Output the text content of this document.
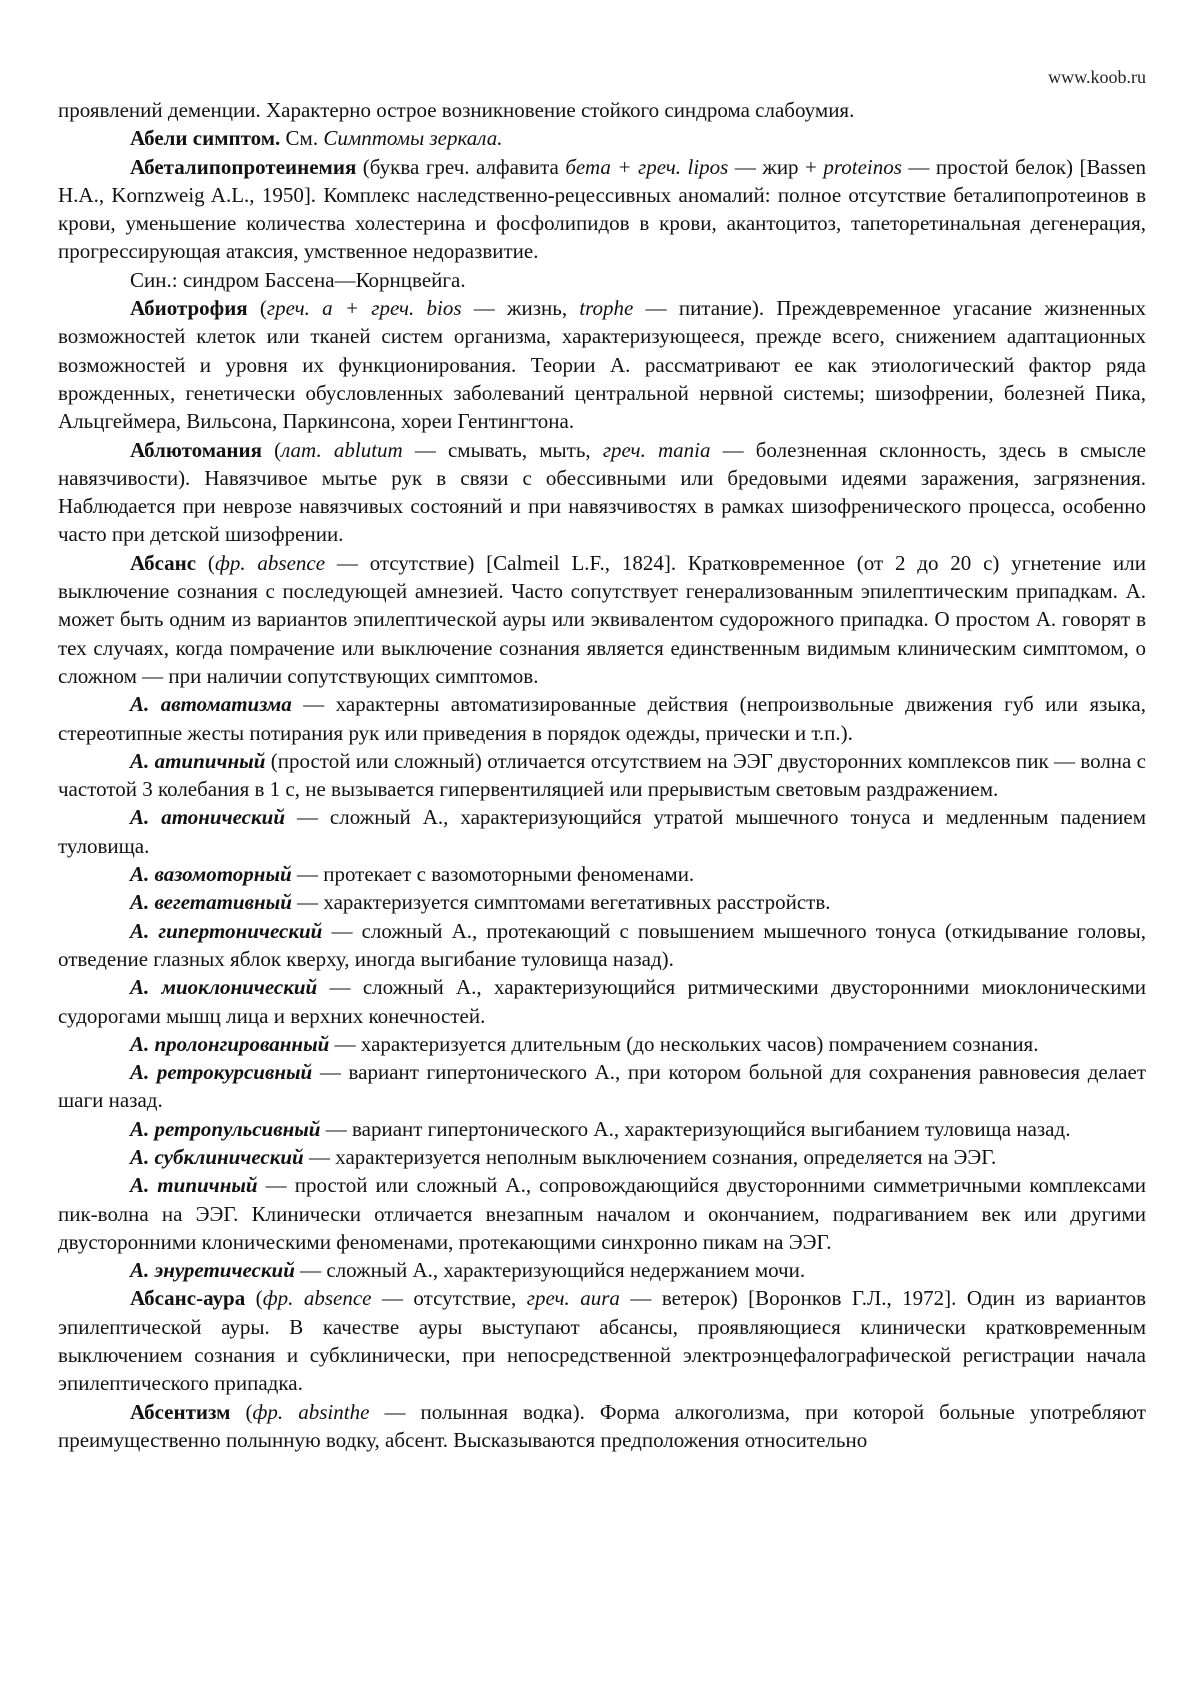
www.koob.ru

проявлений деменции. Характерно острое возникновение стойкого синдрома слабоумия.

Абели симптом. См. Симптомы зеркала.

Абеталипопротеинемия (буква греч. алфавита бета + греч. lipos — жир + proteinos — простой белок) [Bassen H.A., Kornzweig A.L., 1950]. Комплекс наследственно-рецессивных аномалий: полное отсутствие беталипопротеинов в крови, уменьшение количества холестерина и фосфолипидов в крови, акантоцитоз, тапеторетинальная дегенерация, прогрессирующая атаксия, умственное недоразвитие.

Син.: синдром Бассена—Корнцвейга.

Абиотрофия (греч. а + греч. bios — жизнь, trophe — питание). Преждевременное угасание жизненных возможностей клеток или тканей систем организма, характеризующееся, прежде всего, снижением адаптационных возможностей и уровня их функционирования. Теории А. рассматривают ее как этиологический фактор ряда врожденных, генетически обусловленных заболеваний центральной нервной системы; шизофрении, болезней Пика, Альцгеймера, Вильсона, Паркинсона, хореи Гентингтона.

Аблютомания (лат. ablutum — смывать, мыть, греч. mania — болезненная склонность, здесь в смысле навязчивости). Навязчивое мытье рук в связи с обессивными или бредовыми идеями заражения, загрязнения. Наблюдается при неврозе навязчивых состояний и при навязчивостях в рамках шизофренического процесса, особенно часто при детской шизофрении.

Абсанс (фр. absence — отсутствие) [Calmeil L.F., 1824]. Кратковременное (от 2 до 20 с) угнетение или выключение сознания с последующей амнезией. Часто сопутствует генерализованным эпилептическим припадкам. А. может быть одним из вариантов эпилептической ауры или эквивалентом судорожного припадка. О простом А. говорят в тех случаях, когда помрачение или выключение сознания является единственным видимым клиническим симптомом, о сложном — при наличии сопутствующих симптомов.

А. автоматизма — характерны автоматизированные действия (непроизвольные движения губ или языка, стереотипные жесты потирания рук или приведения в порядок одежды, прически и т.п.).

А. атипичный (простой или сложный) отличается отсутствием на ЭЭГ двусторонних комплексов пик — волна с частотой 3 колебания в 1 с, не вызывается гипервентиляцией или прерывистым световым раздражением.

А. атонический — сложный А., характеризующийся утратой мышечного тонуса и медленным падением туловища.

А. вазомоторный — протекает с вазомоторными феноменами.

А. вегетативный — характеризуется симптомами вегетативных расстройств.

А. гипертонический — сложный А., протекающий с повышением мышечного тонуса (откидывание головы, отведение глазных яблок кверху, иногда выгибание туловища назад).

А. миоклонический — сложный А., характеризующийся ритмическими двусторонними миоклоническими судорогами мышц лица и верхних конечностей.

А. пролонгированный — характеризуется длительным (до нескольких часов) помрачением сознания.

А. ретрокурсивный — вариант гипертонического А., при котором больной для сохранения равновесия делает шаги назад.

А. ретропульсивный — вариант гипертонического А., характеризующийся выгибанием туловища назад.

А. субклинический — характеризуется неполным выключением сознания, определяется на ЭЭГ.

А. типичный — простой или сложный А., сопровождающийся двусторонними симметричными комплексами пик-волна на ЭЭГ. Клинически отличается внезапным началом и окончанием, подрагиванием век или другими двусторонними клоническими феноменами, протекающими синхронно пикам на ЭЭГ.

А. энуретический — сложный А., характеризующийся недержанием мочи.

Абсанс-аура (фр. absence — отсутствие, греч. aura — ветерок) [Воронков Г.Л., 1972]. Один из вариантов эпилептической ауры. В качестве ауры выступают абсансы, проявляющиеся клинически кратковременным выключением сознания и субклинически, при непосредственной электроэнцефалографической регистрации начала эпилептического припадка.

Абсентизм (фр. absinthe — полынная водка). Форма алкоголизма, при которой больные употребляют преимущественно полынную водку, абсент. Высказываются предположения относительно
